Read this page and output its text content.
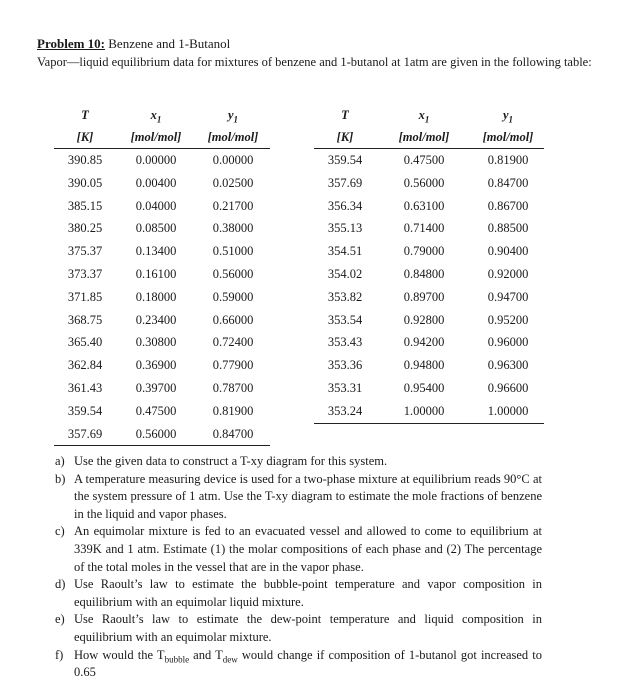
Problem 10: Benzene and 1-Butanol
Vapor—liquid equilibrium data for mixtures of benzene and 1-butanol at 1atm are given in the following table:
T	$x_1$	$y_1$
[K]	[mol/mol]	[mol/mol]
390.85	0.00000	0.00000
390.05	0.00400	0.02500
385.15	0.04000	0.21700
380.25	0.08500	0.38000
375.37	0.13400	0.51000
373.37	0.16100	0.56000
371.85	0.18000	0.59000
368.75	0.23400	0.66000
365.40	0.30800	0.72400
362.84	0.36900	0.77900
361.43	0.39700	0.78700
359.54	0.47500	0.81900
357.69	0.56000	0.84700
T	$x_1$	$y_1$
[K]	[mol/mol]	[mol/mol]
359.54	0.47500	0.81900
357.69	0.56000	0.84700
356.34	0.63100	0.86700
355.13	0.71400	0.88500
354.51	0.79000	0.90400
354.02	0.84800	0.92000
353.82	0.89700	0.94700
353.54	0.92800	0.95200
353.43	0.94200	0.96000
353.36	0.94800	0.96300
353.31	0.95400	0.96600
353.24	1.00000	1.00000
a) Use the given data to construct a T-xy diagram for this system.
b) A temperature measuring device is used for a two-phase mixture at equilibrium reads 90°C at the system pressure of 1 atm. Use the T-xy diagram to estimate the mole fractions of benzene in the liquid and vapor phases.
c) An equimolar mixture is fed to an evacuated vessel and allowed to come to equilibrium at 339K and 1 atm. Estimate (1) the molar compositions of each phase and (2) The percentage of the total moles in the vessel that are in the vapor phase.
d) Use Raoult’s law to estimate the bubble-point temperature and vapor composition in equilibrium with an equimolar liquid mixture.
e) Use Raoult’s law to estimate the dew-point temperature and liquid composition in equilibrium with an equimolar mixture.
f) How would the $T_{bubble}$ and $T_{dew}$ would change if composition of 1-butanol got increased to 0.65
